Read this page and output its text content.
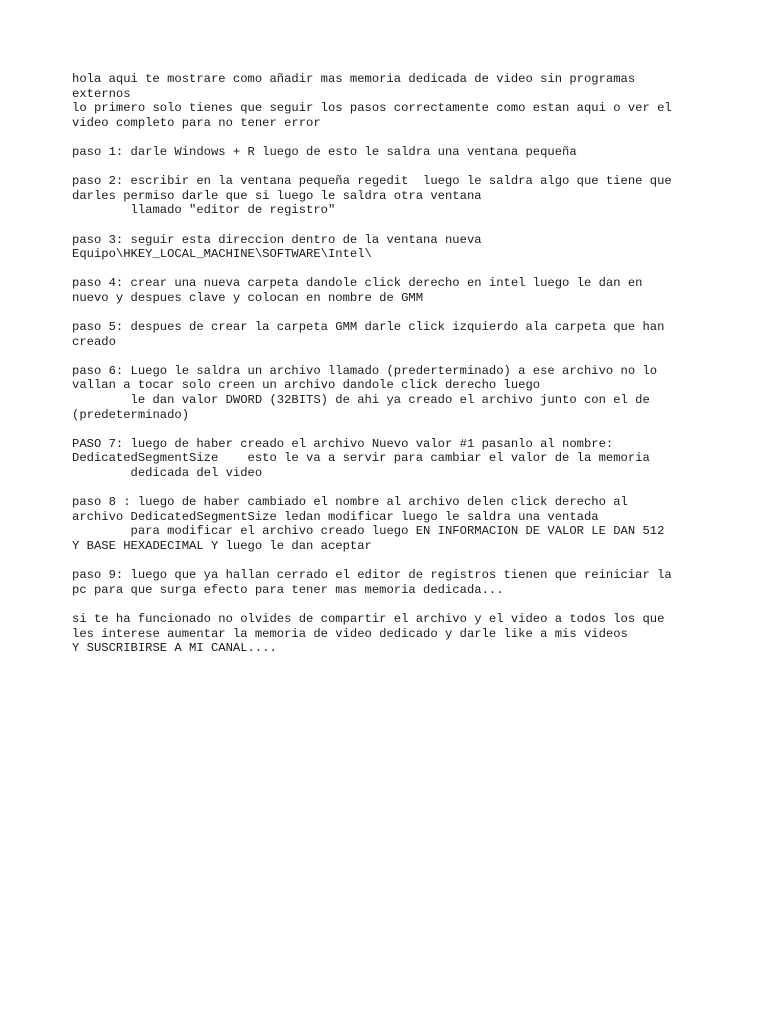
hola aqui te mostrare como añadir mas memoria dedicada de video sin programas
externos
lo primero solo tienes que seguir los pasos correctamente como estan aqui o ver el
video completo para no tener error
paso 1: darle Windows + R luego de esto le saldra una ventana pequeña
paso 2: escribir en la ventana pequeña regedit  luego le saldra algo que tiene que
darles permiso darle que si luego le saldra otra ventana
llamado "editor de registro"
paso 3: seguir esta direccion dentro de la ventana nueva
Equipo\HKEY_LOCAL_MACHINE\SOFTWARE\Intel\
paso 4: crear una nueva carpeta dandole click derecho en intel luego le dan en
nuevo y despues clave y colocan en nombre de GMM
paso 5: despues de crear la carpeta GMM darle click izquierdo ala carpeta que han
creado
paso 6: Luego le saldra un archivo llamado (prederterminado) a ese archivo no lo
vallan a tocar solo creen un archivo dandole click derecho luego
le dan valor DWORD (32BITS) de ahi ya creado el archivo junto con el de
(predeterminado)
PASO 7: luego de haber creado el archivo Nuevo valor #1 pasanlo al nombre:
DedicatedSegmentSize    esto le va a servir para cambiar el valor de la memoria
dedicada del video
paso 8 : luego de haber cambiado el nombre al archivo delen click derecho al
archivo DedicatedSegmentSize ledan modificar luego le saldra una ventada
para modificar el archivo creado luego EN INFORMACION DE VALOR LE DAN 512
Y BASE HEXADECIMAL Y luego le dan aceptar
paso 9: luego que ya hallan cerrado el editor de registros tienen que reiniciar la
pc para que surga efecto para tener mas memoria dedicada...
si te ha funcionado no olvides de compartir el archivo y el video a todos los que
les interese aumentar la memoria de video dedicado y darle like a mis videos
Y SUSCRIBIRSE A MI CANAL....
